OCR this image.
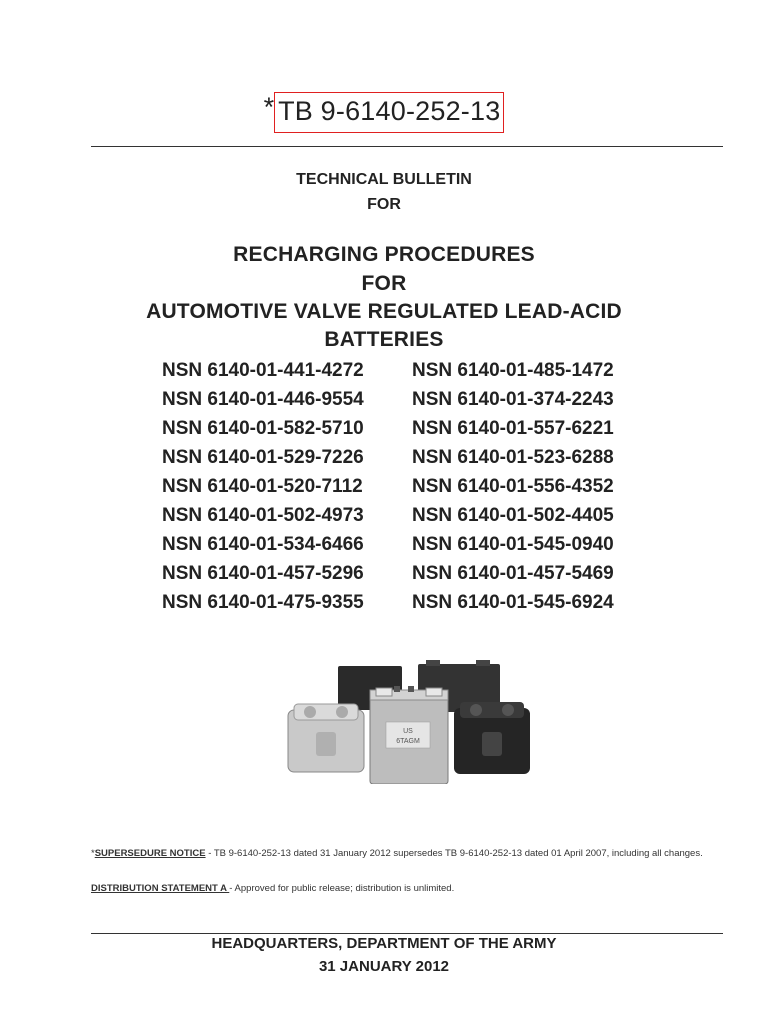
* TB 9-6140-252-13
TECHNICAL BULLETIN
FOR
RECHARGING PROCEDURES
FOR
AUTOMOTIVE VALVE REGULATED LEAD-ACID
BATTERIES
NSN 6140-01-441-4272	NSN 6140-01-485-1472
NSN 6140-01-446-9554	NSN 6140-01-374-2243
NSN 6140-01-582-5710	NSN 6140-01-557-6221
NSN 6140-01-529-7226	NSN 6140-01-523-6288
NSN 6140-01-520-7112	NSN 6140-01-556-4352
NSN 6140-01-502-4973	NSN 6140-01-502-4405
NSN 6140-01-534-6466	NSN 6140-01-545-0940
NSN 6140-01-457-5296	NSN 6140-01-457-5469
NSN 6140-01-475-9355	NSN 6140-01-545-6924
US
6TAGM
*SUPERSEDURE NOTICE - TB 9-6140-252-13 dated 31 January 2012 supersedes TB 9-6140-252-13 dated 01 April 2007, including all changes.
DISTRIBUTION STATEMENT A - Approved for public release; distribution is unlimited.
HEADQUARTERS, DEPARTMENT OF THE ARMY
31 JANUARY 2012
